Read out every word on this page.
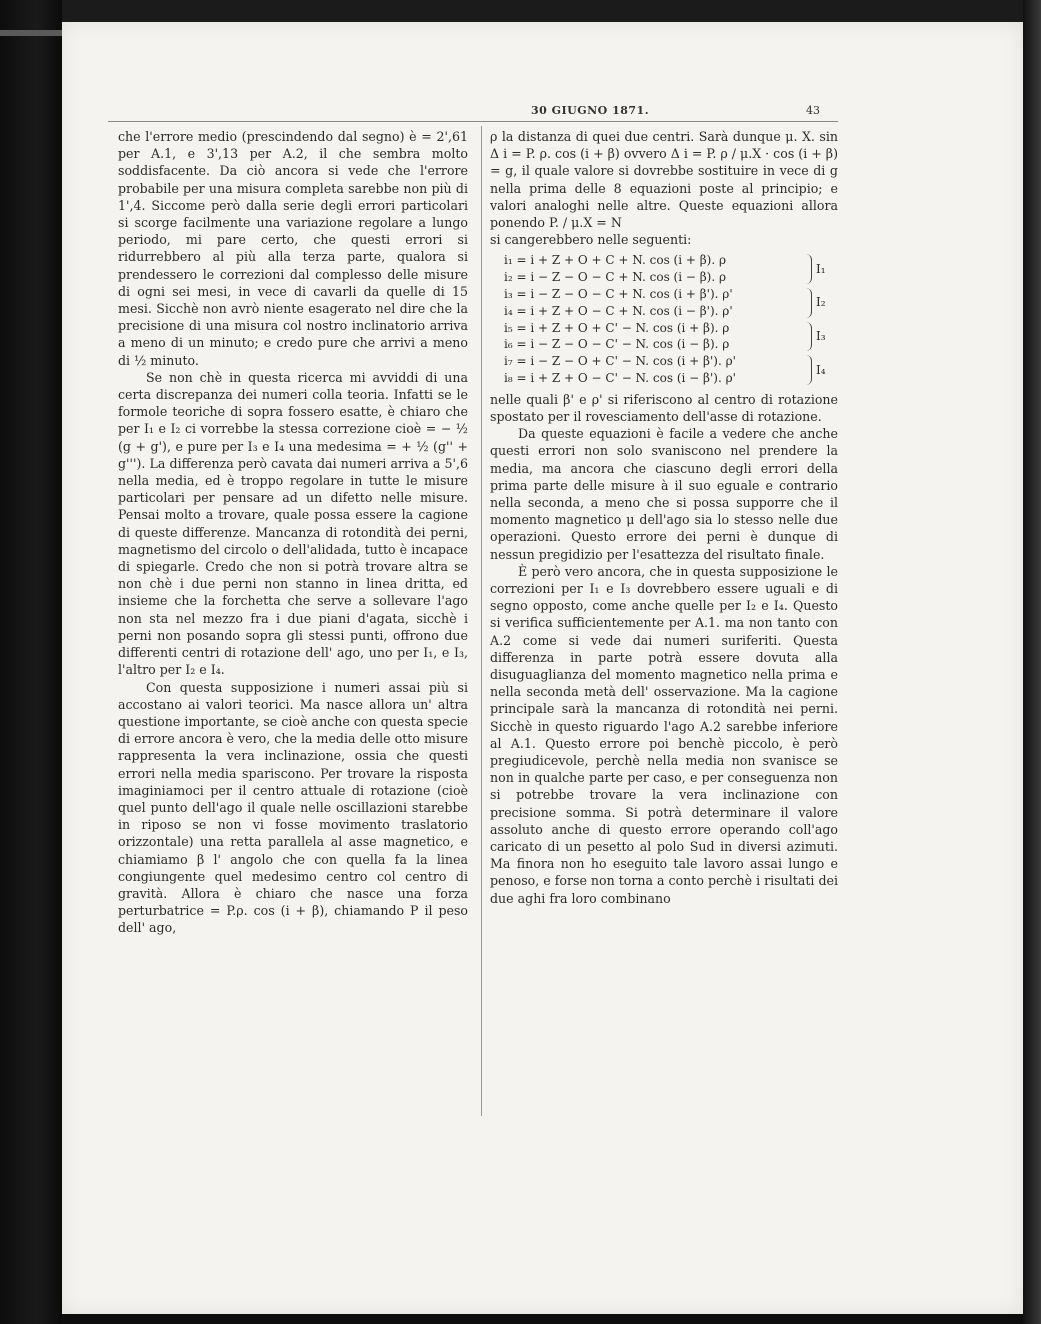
30 GIUGNO 1871.	43

che l'errore medio (prescindendo dal segno) è = 2',61 per A.1, e 3',13 per A.2, il che sembra molto soddisfacente. Da ciò ancora si vede che l'errore probabile per una misura completa sarebbe non più di 1',4. Siccome però dalla serie degli errori particolari si scorge facilmente una variazione regolare a lungo periodo, mi pare certo, che questi errori si ridurrebbero al più alla terza parte, qualora si prendessero le correzioni dal complesso delle misure di ogni sei mesi, in vece di cavarli da quelle di 15 mesi. Sicchè non avrò niente esagerato nel dire che la precisione di una misura col nostro inclinatorio arriva a meno di un minuto; e credo pure che arrivi a meno di ½ minuto.

Se non chè in questa ricerca mi avviddi di una certa discrepanza dei numeri colla teoria. Infatti se le formole teoriche di sopra fossero esatte, è chiaro che per I₁ e I₂ ci vorrebbe la stessa correzione cioè = − ½ (g + g'), e pure per I₃ e I₄ una medesima = + ½ (g'' + g'''). La differenza però cavata dai numeri arriva a 5',6 nella media, ed è troppo regolare in tutte le misure particolari per pensare ad un difetto nelle misure. Pensai molto a trovare, quale possa essere la cagione di queste differenze. Mancanza di rotondità dei perni, magnetismo del circolo o dell'alidada, tutto è incapace di spiegarle. Credo che non si potrà trovare altra se non chè i due perni non stanno in linea dritta, ed insieme che la forchetta che serve a sollevare l'ago non sta nel mezzo fra i due piani d'agata, sicchè i perni non posando sopra gli stessi punti, offrono due differenti centri di rotazione dell' ago, uno per I₁, e I₃, l'altro per I₂ e I₄.

Con questa supposizione i numeri assai più si accostano ai valori teorici. Ma nasce allora un' altra questione importante, se cioè anche con questa specie di errore ancora è vero, che la media delle otto misure rappresenta la vera inclinazione, ossia che questi errori nella media spariscono. Per trovare la risposta imaginiamoci per il centro attuale di rotazione (cioè quel punto dell'ago il quale nelle oscillazioni starebbe in riposo se non vi fosse movimento traslatorio orizzontale) una retta parallela al asse magnetico, e chiamiamo β l' angolo che con quella fa la linea congiungente quel medesimo centro col centro di gravità. Allora è chiaro che nasce una forza perturbatrice = P.ρ. cos (i + β), chiamando P il peso dell' ago,

ρ la distanza di quei due centri. Sarà dunque μ. X. sin Δ i = P. ρ. cos (i + β) ovvero Δ i = P. ρ / μ.X · cos (i + β) = g, il quale valore si dovrebbe sostituire in vece di g nella prima delle 8 equazioni poste al principio; e valori analoghi nelle altre. Queste equazioni allora ponendo P. / μ.X = N

si cangerebbero nelle seguenti:

i₁ = i + Z + O + C + N. cos (i + β). ρ
i₂ = i − Z − O − C + N. cos (i − β). ρ
I₁
i₃ = i − Z − O − C + N. cos (i + β'). ρ'
i₄ = i + Z + O − C + N. cos (i − β'). ρ'
I₂
i₅ = i + Z + O + C' − N. cos (i + β). ρ
i₆ = i − Z − O − C' − N. cos (i − β). ρ
I₃
i₇ = i − Z − O + C' − N. cos (i + β'). ρ'
i₈ = i + Z + O − C' − N. cos (i − β'). ρ'
I₄

nelle quali β' e ρ' si riferiscono al centro di rotazione spostato per il rovesciamento dell'asse di rotazione.

Da queste equazioni è facile a vedere che anche questi errori non solo svaniscono nel prendere la media, ma ancora che ciascuno degli errori della prima parte delle misure à il suo eguale e contrario nella seconda, a meno che si possa supporre che il momento magnetico μ dell'ago sia lo stesso nelle due operazioni. Questo errore dei perni è dunque di nessun pregidizio per l'esattezza del risultato finale.

È però vero ancora, che in questa supposizione le correzioni per I₁ e I₃ dovrebbero essere uguali e di segno opposto, come anche quelle per I₂ e I₄. Questo si verifica sufficientemente per A.1. ma non tanto con A.2 come si vede dai numeri suriferiti. Questa differenza in parte potrà essere dovuta alla disuguaglianza del momento magnetico nella prima e nella seconda metà dell' osservazione. Ma la cagione principale sarà la mancanza di rotondità nei perni. Sicchè in questo riguardo l'ago A.2 sarebbe inferiore al A.1. Questo errore poi benchè piccolo, è però pregiudicevole, perchè nella media non svanisce se non in qualche parte per caso, e per conseguenza non si potrebbe trovare la vera inclinazione con precisione somma. Si potrà determinare il valore assoluto anche di questo errore operando coll'ago caricato di un pesetto al polo Sud in diversi azimuti. Ma finora non ho eseguito tale lavoro assai lungo e penoso, e forse non torna a conto perchè i risultati dei due aghi fra loro combinano
